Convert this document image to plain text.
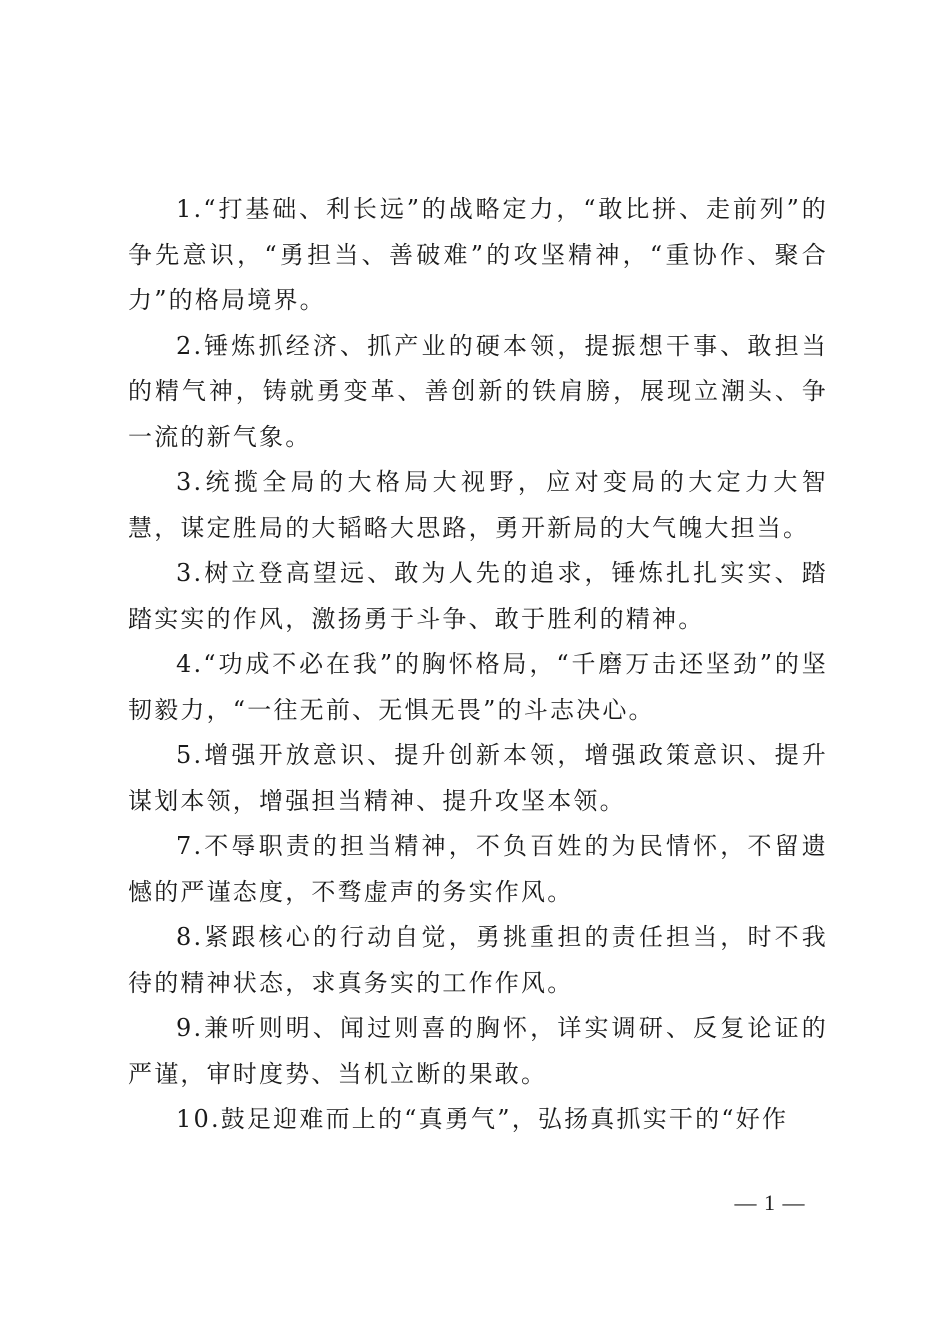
1.“打基础、利长远”的战略定力，“敢比拼、走前列”的争先意识，“勇担当、善破难”的攻坚精神，“重协作、聚合力”的格局境界。

2.锤炼抓经济、抓产业的硬本领，提振想干事、敢担当的精气神，铸就勇变革、善创新的铁肩膀，展现立潮头、争一流的新气象。

3.统揽全局的大格局大视野，应对变局的大定力大智慧，谋定胜局的大韬略大思路，勇开新局的大气魄大担当。

3.树立登高望远、敢为人先的追求，锤炼扎扎实实、踏踏实实的作风，激扬勇于斗争、敢于胜利的精神。

4.“功成不必在我”的胸怀格局，“千磨万击还坚劲”的坚韧毅力，“一往无前、无惧无畏”的斗志决心。

5.增强开放意识、提升创新本领，增强政策意识、提升谋划本领，增强担当精神、提升攻坚本领。

7.不辱职责的担当精神，不负百姓的为民情怀，不留遗憾的严谨态度，不骛虚声的务实作风。

8.紧跟核心的行动自觉，勇挑重担的责任担当，时不我待的精神状态，求真务实的工作作风。

9.兼听则明、闻过则喜的胸怀，详实调研、反复论证的严谨，审时度势、当机立断的果敢。

10.鼓足迎难而上的“真勇气”，弘扬真抓实干的“好作

— 1 —
